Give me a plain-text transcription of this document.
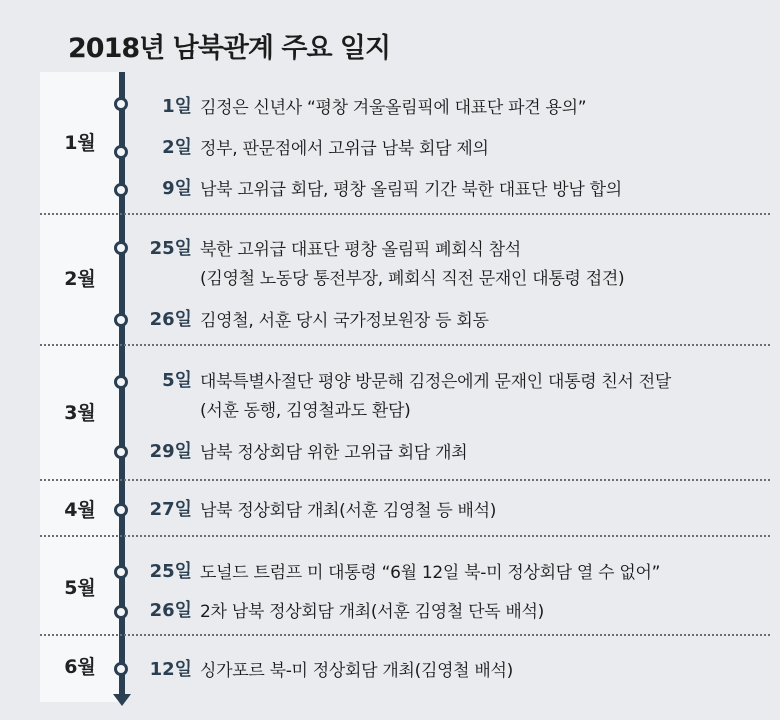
2018년 남북관계 주요 일지
1월
2월
3월
4월
5월
6월
1일 김정은 신년사 “평창 겨울올림픽에 대표단 파견 용의”
2일 정부, 판문점에서 고위급 남북 회담 제의
9일 남북 고위급 회담, 평창 올림픽 기간 북한 대표단 방남 합의
25일 북한 고위급 대표단 평창 올림픽 폐회식 참석
(김영철 노동당 통전부장, 폐회식 직전 문재인 대통령 접견)
26일 김영철, 서훈 당시 국가정보원장 등 회동
5일 대북특별사절단 평양 방문해 김정은에게 문재인 대통령 친서 전달
(서훈 동행, 김영철과도 환담)
29일 남북 정상회담 위한 고위급 회담 개최
27일 남북 정상회담 개최(서훈 김영철 등 배석)
25일 도널드 트럼프 미 대통령 “6월 12일 북-미 정상회담 열 수 없어”
26일 2차 남북 정상회담 개최(서훈 김영철 단독 배석)
12일 싱가포르 북-미 정상회담 개최(김영철 배석)
